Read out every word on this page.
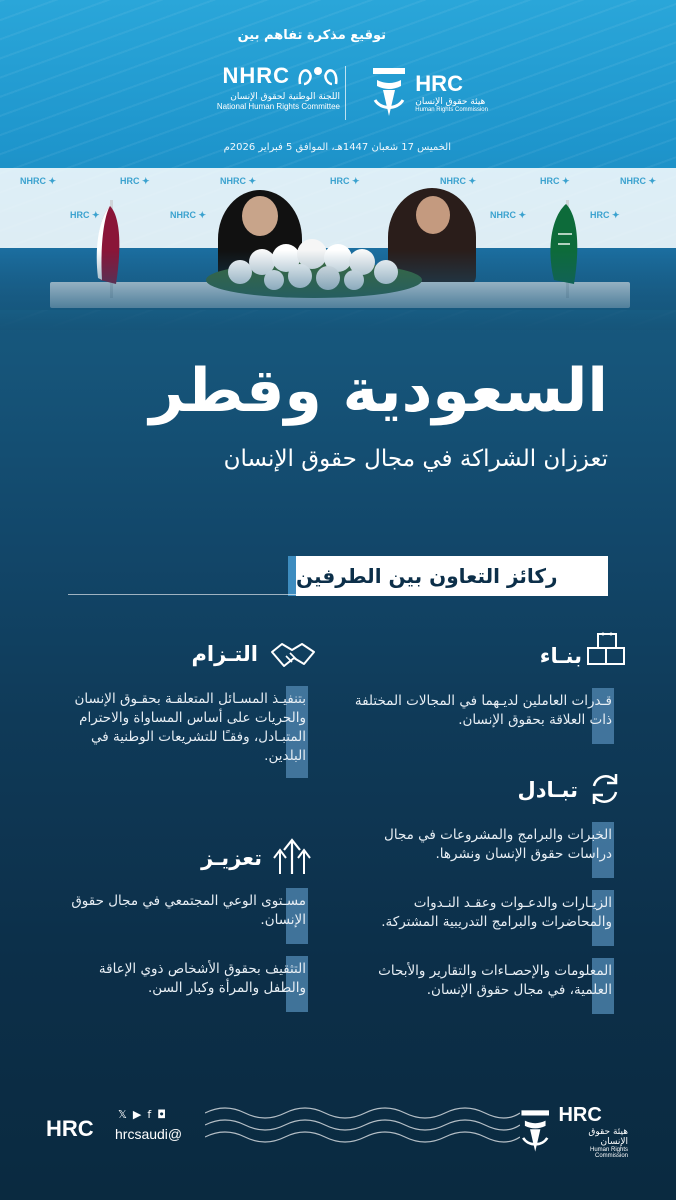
توقيع مذكرة تفاهم بين
NHRC
اللجنة الوطنية لحقوق الإنسان
National Human Rights Committee
HRC
هيئة حقوق الإنسان
Human Rights Commission
الخميس 17 شعبان 1447هـ، الموافق 5 فبراير 2026م
✦ NHRC	✦ HRC	✦ NHRC	✦ HRC	✦ NHRC	✦ HRC	✦ NHRC
✦ HRC	✦ NHRC	✦ NHRC	✦ HRC
السعودية وقطر
تعززان الشراكة في مجال حقوق الإنسان
ركائز التعاون بين الطرفين
بنـاء
قـدرات العاملين لديـهما في المجالات المختلفة ذات العلاقة بحقوق الإنسان.
التـزام
بتنفيـذ المسـائل المتعلقـة بحقـوق الإنسان والحريات على أساس المساواة والاحترام المتبـادل، وفقـًا للتشريعات الوطنية في البلدين.
تبـادل
الخبرات والبرامج والمشروعات في مجال دراسات حقوق الإنسان ونشرها.
الزيـارات والدعـوات وعقـد النـدوات والمحاضرات والبرامج التدريبية المشتركة.
المعلومات والإحصـاءات والتقارير والأبحاث العلمية، في مجال حقوق الإنسان.
تعزيـز
مسـتوى الوعي المجتمعي في مجال حقوق الإنسان.
التثقيف بحقوق الأشخاص ذوي الإعاقة والطفل والمرأة وكبار السن.
HRC
◘
f
▶
𝕏
@hrcsaudi
HRC
هيئة حقوق الإنسان
Human Rights Commission
